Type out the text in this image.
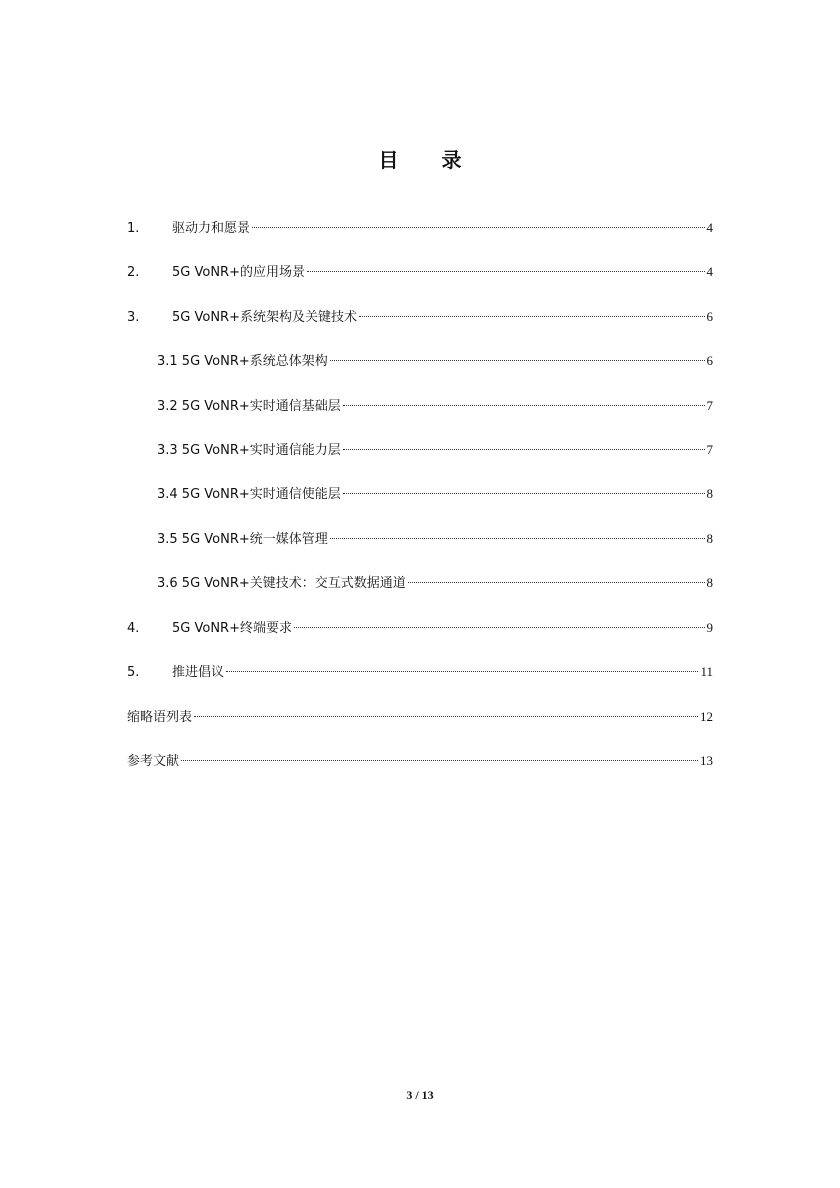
目 录
1.	驱动力和愿景	4
2.	5G VoNR+的应用场景	4
3.	5G VoNR+系统架构及关键技术	6
3.1 5G VoNR+系统总体架构	6
3.2 5G VoNR+实时通信基础层	7
3.3 5G VoNR+实时通信能力层	7
3.4 5G VoNR+实时通信使能层	8
3.5 5G VoNR+统一媒体管理	8
3.6 5G VoNR+关键技术：交互式数据通道	8
4.	5G VoNR+终端要求	9
5.	推进倡议	11
缩略语列表	12
参考文献	13
3 / 13
